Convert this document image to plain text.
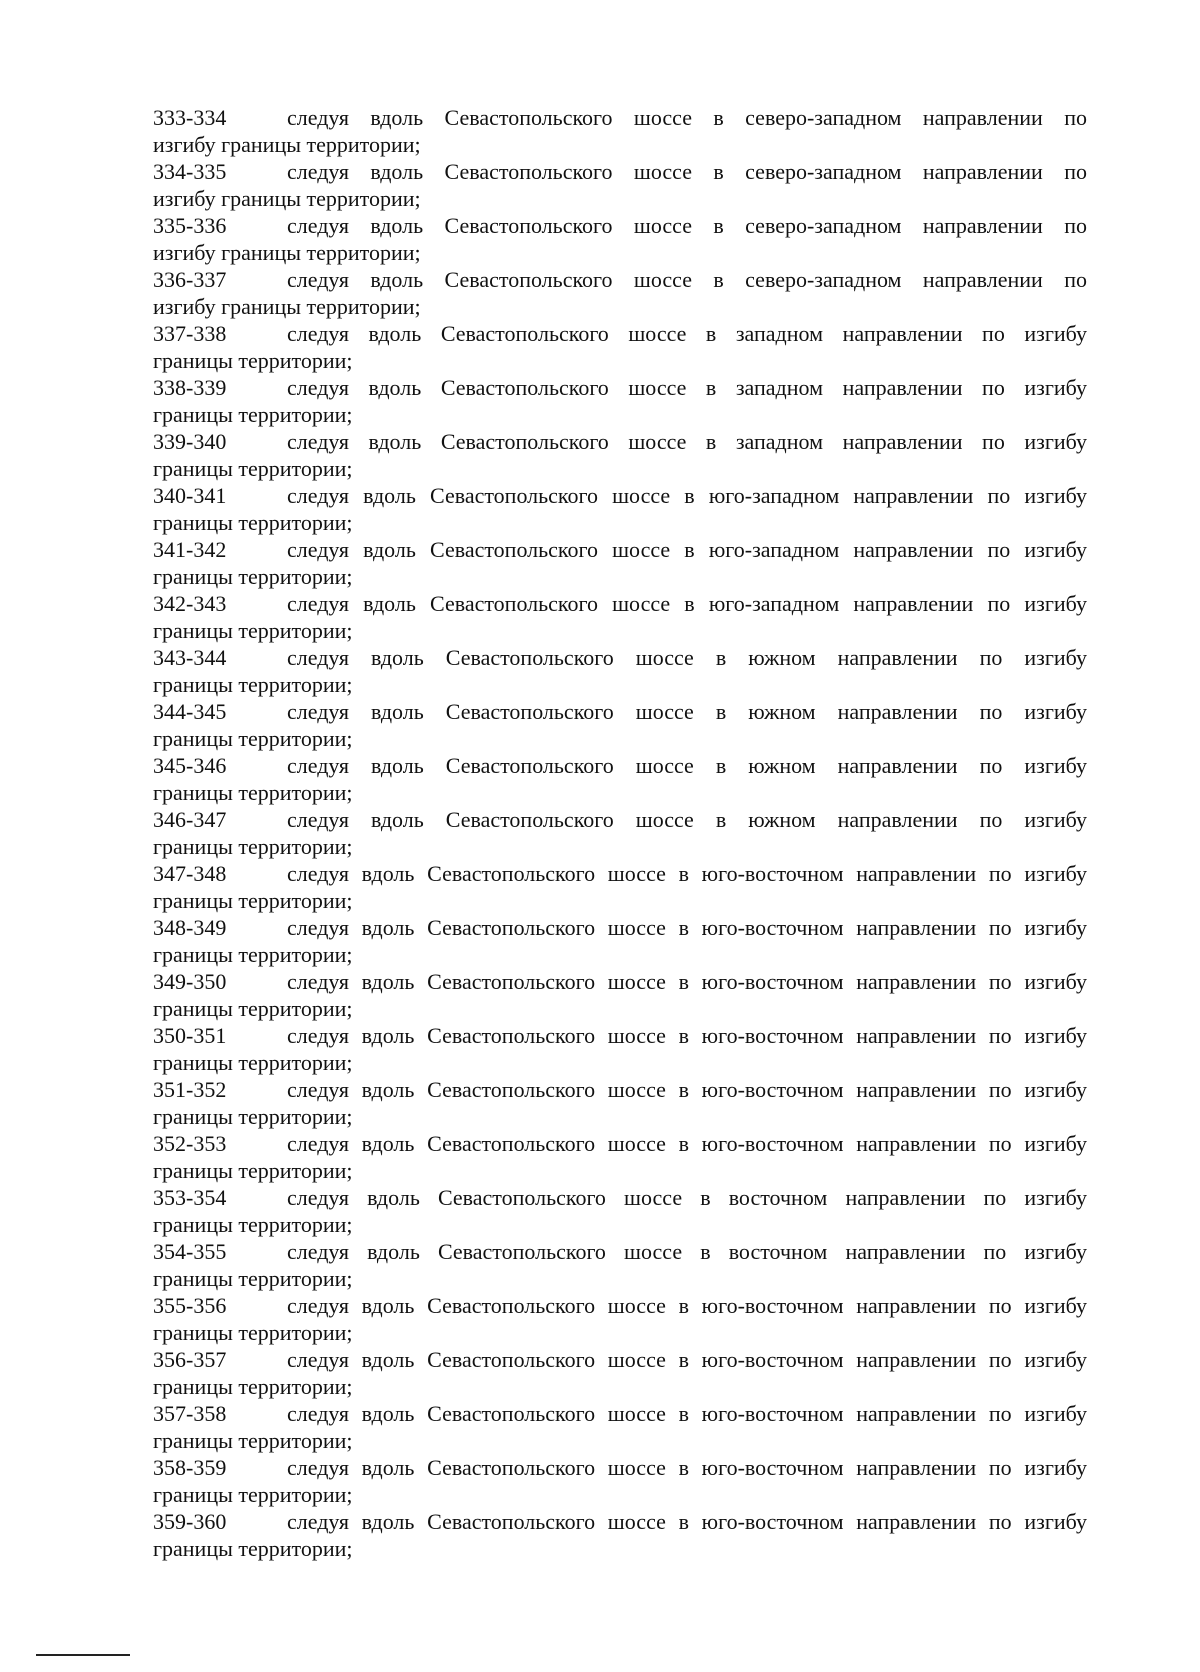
333-334	следуя вдоль Севастопольского шоссе в северо-западном направлении по
изгибу границы территории;
334-335	следуя вдоль Севастопольского шоссе в северо-западном направлении по
изгибу границы территории;
335-336	следуя вдоль Севастопольского шоссе в северо-западном направлении по
изгибу границы территории;
336-337	следуя вдоль Севастопольского шоссе в северо-западном направлении по
изгибу границы территории;
337-338	следуя вдоль Севастопольского шоссе в западном направлении по изгибу
границы территории;
338-339	следуя вдоль Севастопольского шоссе в западном направлении по изгибу
границы территории;
339-340	следуя вдоль Севастопольского шоссе в западном направлении по изгибу
границы территории;
340-341	следуя вдоль Севастопольского шоссе в юго-западном направлении по изгибу
границы территории;
341-342	следуя вдоль Севастопольского шоссе в юго-западном направлении по изгибу
границы территории;
342-343	следуя вдоль Севастопольского шоссе в юго-западном направлении по изгибу
границы территории;
343-344	следуя вдоль Севастопольского шоссе в южном направлении по изгибу
границы территории;
344-345	следуя вдоль Севастопольского шоссе в южном направлении по изгибу
границы территории;
345-346	следуя вдоль Севастопольского шоссе в южном направлении по изгибу
границы территории;
346-347	следуя вдоль Севастопольского шоссе в южном направлении по изгибу
границы территории;
347-348	следуя вдоль Севастопольского шоссе в юго-восточном направлении по изгибу
границы территории;
348-349	следуя вдоль Севастопольского шоссе в юго-восточном направлении по изгибу
границы территории;
349-350	следуя вдоль Севастопольского шоссе в юго-восточном направлении по изгибу
границы территории;
350-351	следуя вдоль Севастопольского шоссе в юго-восточном направлении по изгибу
границы территории;
351-352	следуя вдоль Севастопольского шоссе в юго-восточном направлении по изгибу
границы территории;
352-353	следуя вдоль Севастопольского шоссе в юго-восточном направлении по изгибу
границы территории;
353-354	следуя вдоль Севастопольского шоссе в восточном направлении по изгибу
границы территории;
354-355	следуя вдоль Севастопольского шоссе в восточном направлении по изгибу
границы территории;
355-356	следуя вдоль Севастопольского шоссе в юго-восточном направлении по изгибу
границы территории;
356-357	следуя вдоль Севастопольского шоссе в юго-восточном направлении по изгибу
границы территории;
357-358	следуя вдоль Севастопольского шоссе в юго-восточном направлении по изгибу
границы территории;
358-359	следуя вдоль Севастопольского шоссе в юго-восточном направлении по изгибу
границы территории;
359-360	следуя вдоль Севастопольского шоссе в юго-восточном направлении по изгибу
границы территории;
